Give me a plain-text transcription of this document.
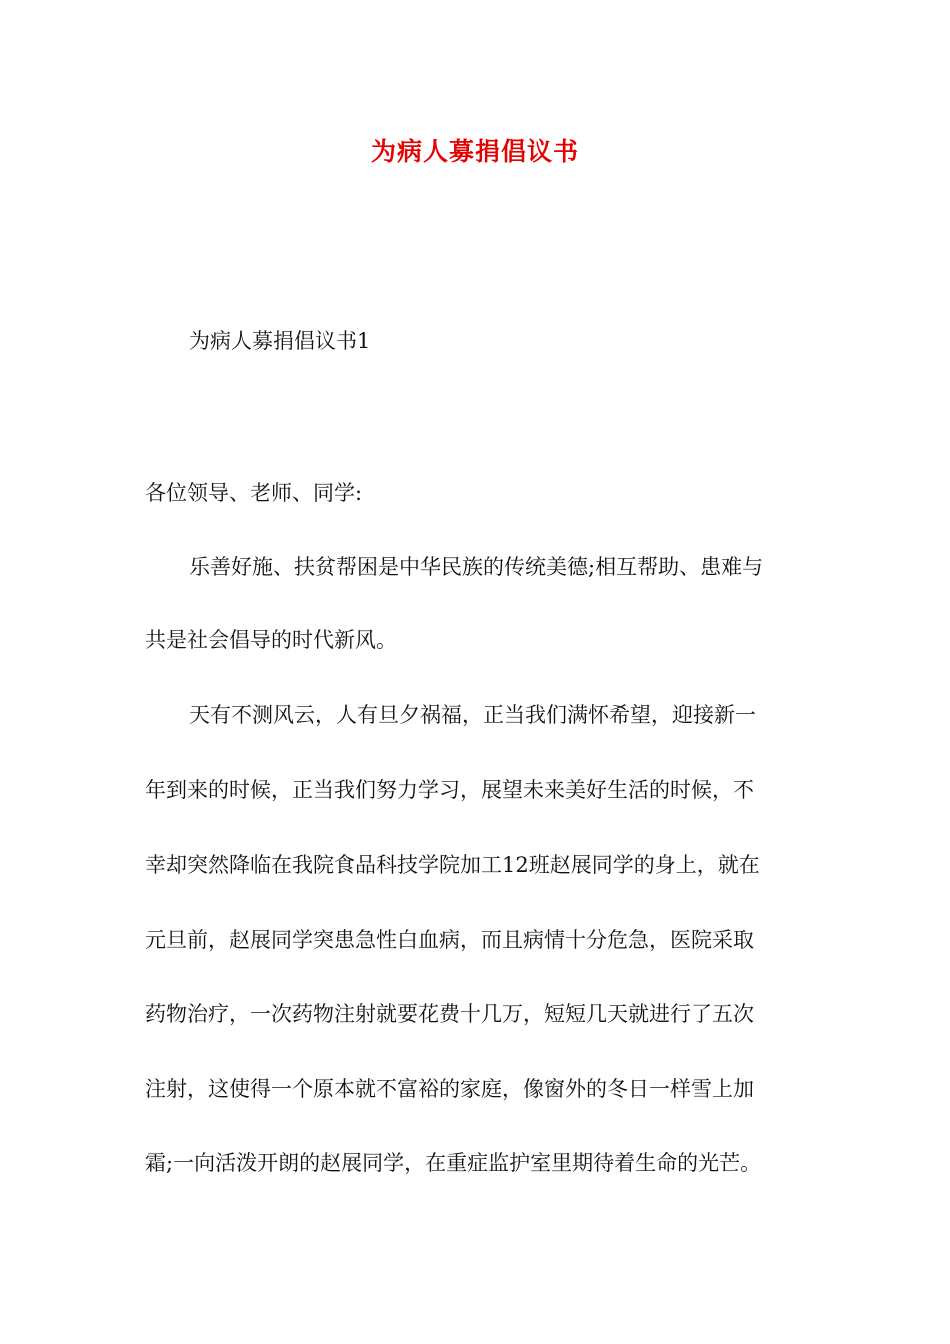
为病人募捐倡议书
为病人募捐倡议书1
各位领导、老师、同学:
乐善好施、扶贫帮困是中华民族的传统美德;相互帮助、患难与
共是社会倡导的时代新风。
天有不测风云，人有旦夕祸福，正当我们满怀希望，迎接新一
年到来的时候，正当我们努力学习，展望未来美好生活的时候，不
幸却突然降临在我院食品科技学院加工12班赵展同学的身上，就在
元旦前，赵展同学突患急性白血病，而且病情十分危急，医院采取
药物治疗，一次药物注射就要花费十几万，短短几天就进行了五次
注射，这使得一个原本就不富裕的家庭，像窗外的冬日一样雪上加
霜;一向活泼开朗的赵展同学，在重症监护室里期待着生命的光芒。
